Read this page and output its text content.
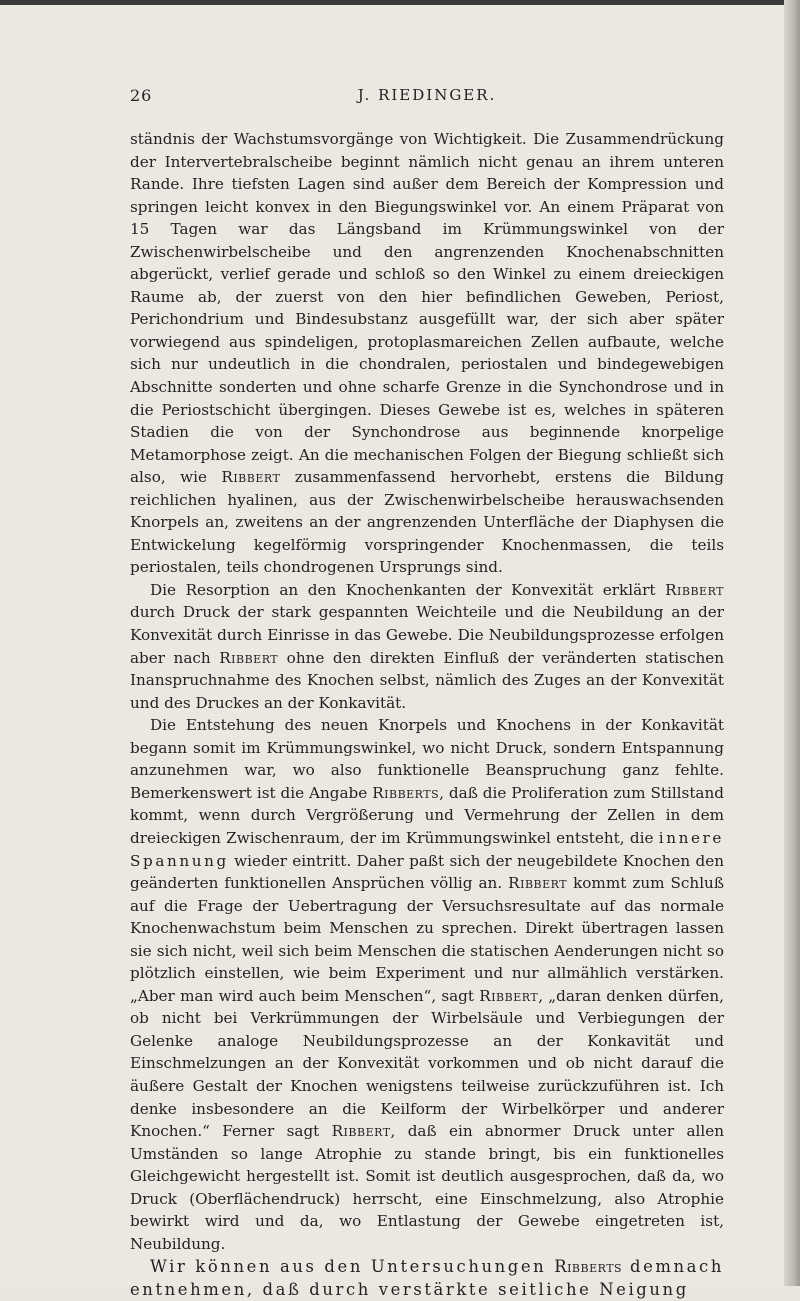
26	J. RIEDINGER.

ständnis der Wachstumsvorgänge von Wichtigkeit. Die Zusammendrückung der Intervertebralscheibe beginnt nämlich nicht genau an ihrem unteren Rande. Ihre tiefsten Lagen sind außer dem Bereich der Kompression und springen leicht konvex in den Biegungswinkel vor. An einem Präparat von 15 Tagen war das Längsband im Krümmungswinkel von der Zwischenwirbelscheibe und den angrenzenden Knochenabschnitten abgerückt, verlief gerade und schloß so den Winkel zu einem dreieckigen Raume ab, der zuerst von den hier befindlichen Geweben, Periost, Perichondrium und Bindesubstanz ausgefüllt war, der sich aber später vorwiegend aus spindeligen, protoplasmareichen Zellen aufbaute, welche sich nur undeutlich in die chondralen, periostalen und bindegewebigen Abschnitte sonderten und ohne scharfe Grenze in die Synchondrose und in die Periostschicht übergingen. Dieses Gewebe ist es, welches in späteren Stadien die von der Synchondrose aus beginnende knorpelige Metamorphose zeigt. An die mechanischen Folgen der Biegung schließt sich also, wie Ribbert zusammenfassend hervorhebt, erstens die Bildung reichlichen hyalinen, aus der Zwischenwirbelscheibe herauswachsenden Knorpels an, zweitens an der angrenzenden Unterfläche der Diaphysen die Entwickelung kegelförmig vorspringender Knochenmassen, die teils periostalen, teils chondrogenen Ursprungs sind.

Die Resorption an den Knochenkanten der Konvexität erklärt Ribbert durch Druck der stark gespannten Weichteile und die Neubildung an der Konvexität durch Einrisse in das Gewebe. Die Neubildungsprozesse erfolgen aber nach Ribbert ohne den direkten Einfluß der veränderten statischen Inanspruchnahme des Knochen selbst, nämlich des Zuges an der Konvexität und des Druckes an der Konkavität.

Die Entstehung des neuen Knorpels und Knochens in der Konkavität begann somit im Krümmungswinkel, wo nicht Druck, sondern Entspannung anzunehmen war, wo also funktionelle Beanspruchung ganz fehlte. Bemerkenswert ist die Angabe Ribberts, daß die Proliferation zum Stillstand kommt, wenn durch Vergrößerung und Vermehrung der Zellen in dem dreieckigen Zwischenraum, der im Krümmungswinkel entsteht, die innere Spannung wieder eintritt. Daher paßt sich der neugebildete Knochen den geänderten funktionellen Ansprüchen völlig an. Ribbert kommt zum Schluß auf die Frage der Uebertragung der Versuchsresultate auf das normale Knochenwachstum beim Menschen zu sprechen. Direkt übertragen lassen sie sich nicht, weil sich beim Menschen die statischen Aenderungen nicht so plötzlich einstellen, wie beim Experiment und nur allmählich verstärken. „Aber man wird auch beim Menschen“, sagt Ribbert, „daran denken dürfen, ob nicht bei Verkrümmungen der Wirbelsäule und Verbiegungen der Gelenke analoge Neubildungsprozesse an der Konkavität und Einschmelzungen an der Konvexität vorkommen und ob nicht darauf die äußere Gestalt der Knochen wenigstens teilweise zurückzuführen ist. Ich denke insbesondere an die Keilform der Wirbelkörper und anderer Knochen.“ Ferner sagt Ribbert, daß ein abnormer Druck unter allen Umständen so lange Atrophie zu stande bringt, bis ein funktionelles Gleichgewicht hergestellt ist. Somit ist deutlich ausgesprochen, daß da, wo Druck (Oberflächendruck) herrscht, eine Einschmelzung, also Atrophie bewirkt wird und da, wo Entlastung der Gewebe eingetreten ist, Neubildung.

Wir können aus den Untersuchungen Ribberts demnach entnehmen, daß durch verstärkte seitliche Neigung
